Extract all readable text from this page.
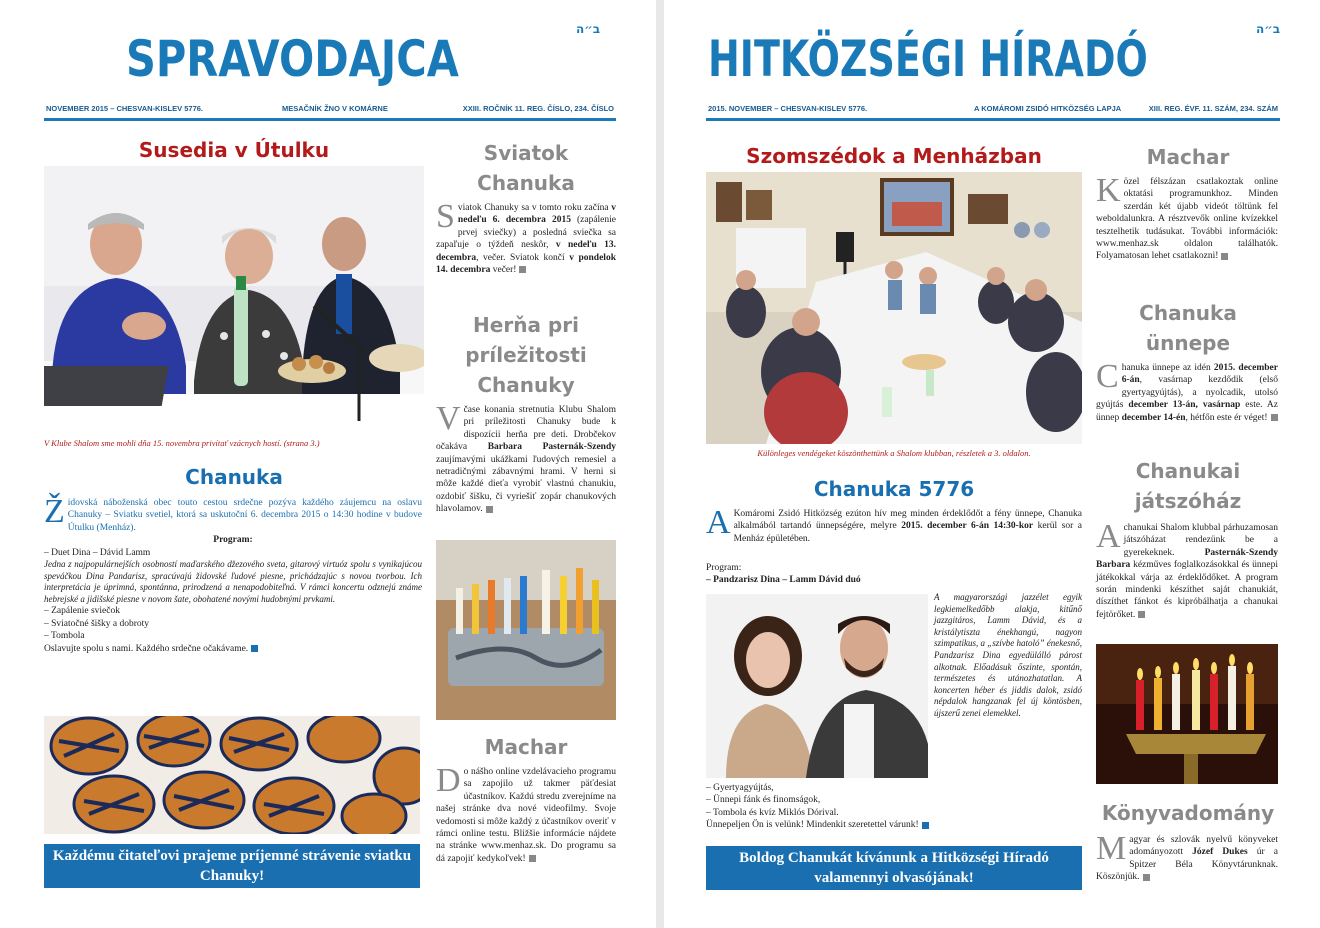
SPRAVODAJCA
ב״ה
NOVEMBER 2015 – CHESVAN-KISLEV 5776.	MESAČNÍK ŽNO V KOMÁRNE	XXIII. ROČNÍK 11. REG. ČÍSLO, 234. ČÍSLO
Susedia v Útulku
V Klube Shalom sme mohli dňa 15. novembra privítať vzácnych hostí. (strana 3.)
Chanuka
Židovská náboženská obec touto cestou srdečne pozýva každého záujemcu na oslavu Chanuky – Sviatku svetiel, ktorá sa uskutoční 6. decembra 2015 o 14:30 hodine v budove Útulku (Menház).
Program:
– Duet Dina – Dávid Lamm
Jedna z najpopulárnejších osobností maďarského džezového sveta, gitarový virtuóz spolu s vynikajúcou speváčkou Dina Pandarisz, spracúvajú židovské ľudové piesne, prichádzajúc s novou tvorbou. Ich interpretácia je úprimná, spontánna, prirodzená a nenapodobiteľná. V rámci koncertu odznejú známe hebrejské a jidišské piesne v novom šate, obohatené novými hudobnými prvkami.
– Zapálenie sviečok
– Sviatočné šišky a dobroty
– Tombola
Oslavujte spolu s nami. Každého srdečne očakávame.
Každému čitateľovi prajeme príjemné strávenie sviatku Chanuky!
Sviatok Chanuka
Sviatok Chanuky sa v tomto roku začína v nedeľu 6. decembra 2015 (zapálenie prvej sviečky) a posledná sviečka sa zapaľuje o týždeň neskôr, v nedeľu 13. decembra, večer. Sviatok končí v pondelok 14. decembra večer!
Herňa pri príležitosti Chanuky
V čase konania stretnutia Klubu Shalom pri príležitosti Chanuky bude k dispozícii herňa pre deti. Drobčekov očakáva Barbara Pasternák-Szendy zaujímavými ukážkami ľudových remesiel a netradičnými zábavnými hrami. V herni si môže každé dieťa vyrobiť vlastnú chanukiu, ozdobiť šišku, či vyriešiť zopár chanukových hlavolamov.
Machar
Do nášho online vzdelávacieho programu sa zapojilo už takmer päťdesiat účastníkov. Každú stredu zverejníme na našej stránke dva nové videofilmy. Svoje vedomosti si môže každý z účastníkov overiť v rámci online testu. Bližšie informácie nájdete na stránke www.menhaz.sk. Do programu sa dá zapojiť kedykoľvek!
HITKÖZSÉGI HÍRADÓ
ב״ה
2015. NOVEMBER – CHESVAN-KISLEV 5776.	A KOMÁROMI ZSIDÓ HITKÖZSÉG LAPJA	XIII. REG. ÉVF. 11. SZÁM, 234. SZÁM
Szomszédok a Menházban
Különleges vendégeket köszönthettünk a Shalom klubban, részletek a 3. oldalon.
Chanuka 5776
A Komáromi Zsidó Hitközség ezúton hív meg minden érdeklődőt a fény ünnepe, Chanuka alkalmából tartandó ünnepségére, melyre 2015. december 6-án 14:30-kor kerül sor a Menház épületében.
Program:
– Pandzarisz Dina – Lamm Dávid duó
A magyarországi jazzélet egyik legkiemelkedőbb alakja, kitűnő jazzgitáros, Lamm Dávid, és a kristálytiszta énekhangú, nagyon szimpatikus, a „szívbe hatoló” énekesnő, Pandzarisz Dina egyedülálló párost alkotnak. Előadásuk őszinte, spontán, természetes és utánozhatatlan. A koncerten héber és jiddis dalok, zsidó népdalok hangzanak fel új köntösben, újszerű zenei elemekkel.
– Gyertyagyújtás,
– Ünnepi fánk és finomságok,
– Tombola és kvíz Miklós Dórival.
Ünnepeljen Ön is velünk! Mindenkit szeretettel várunk!
Boldog Chanukát kívánunk a Hitközségi Híradó valamennyi olvasójának!
Machar
Közel félszázan csatlakoztak online oktatási programunkhoz. Minden szerdán két újabb videót töltünk fel weboldalunkra. A résztvevők online kvízekkel tesztelhetik tudásukat. További információk: www.menhaz.sk oldalon találhatók. Folyamatosan lehet csatlakozni!
Chanuka ünnepe
Chanuka ünnepe az idén 2015. december 6-án, vasárnap kezdődik (első gyertyagyújtás), a nyolcadik, utolsó gyújtás december 13-án, vasárnap este. Az ünnep december 14-én, hétfőn este ér véget!
Chanukai játszóház
A chanukai Shalom klubbal párhuzamosan játszóházat rendezünk be a gyerekeknek. Pasternák-Szendy Barbara kézműves foglalkozásokkal és ünnepi játékokkal várja az érdeklődőket. A program során mindenki készíthet saját chanukiát, díszíthet fánkot és kipróbálhatja a chanukai fejtörőket.
Könyvadomány
Magyar és szlovák nyelvű könyveket adományozott Józef Dukes úr a Spitzer Béla Könyvtárunknak. Köszönjük.
